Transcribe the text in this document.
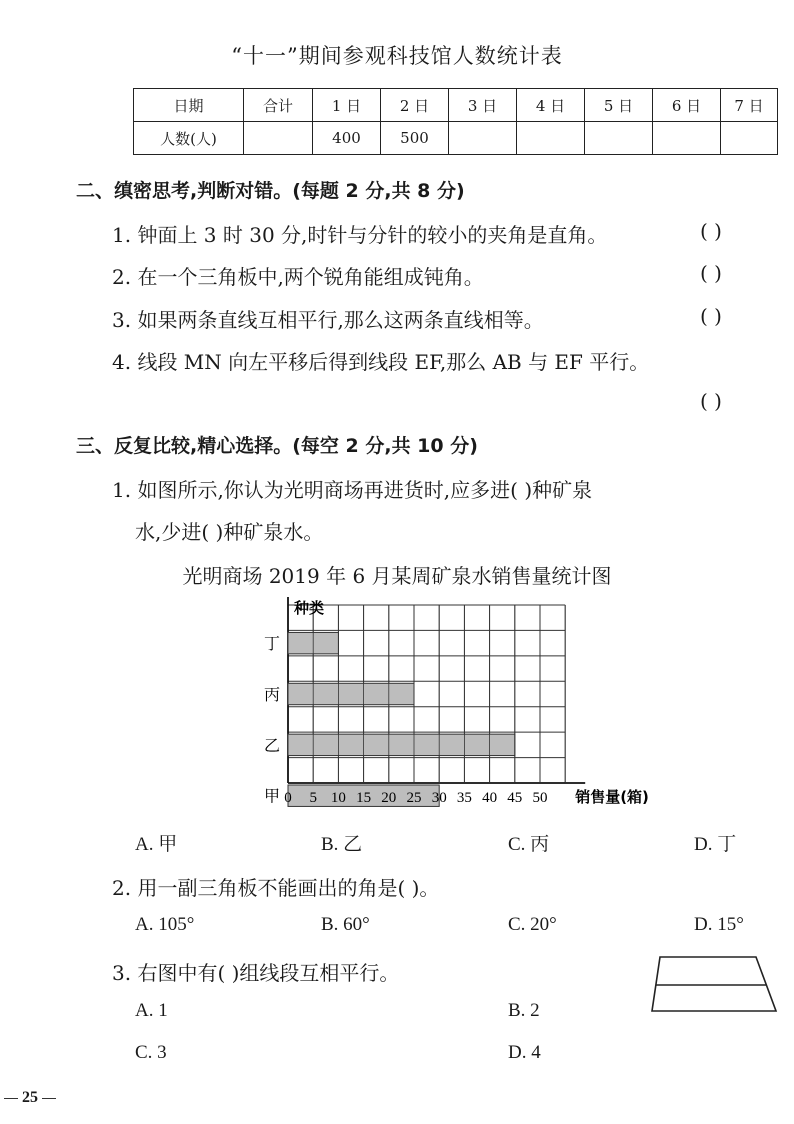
“十一”期间参观科技馆人数统计表
日期	合计	1 日	2 日	3 日	4 日	5 日	6 日	7 日
人数(人)		400	500					
二、缜密思考,判断对错。(每题 2 分,共 8 分)
1. 钟面上 3 时 30 分,时针与分针的较小的夹角是直角。	( )
2. 在一个三角板中,两个锐角能组成钝角。	( )
3. 如果两条直线互相平行,那么这两条直线相等。	( )
4. 线段 MN 向左平移后得到线段 EF,那么 AB 与 EF 平行。
( )
三、反复比较,精心选择。(每空 2 分,共 10 分)
1. 如图所示,你认为光明商场再进货时,应多进( )种矿泉
水,少进( )种矿泉水。
光明商场 2019 年 6 月某周矿泉水销售量统计图
丁
丙
乙
甲 0 5 10 15 20 25 30 35 40 45 50
种类
销售量(箱)
A. 甲	B. 乙	C. 丙	D. 丁
2. 用一副三角板不能画出的角是( )。
A. 105°	B. 60°	C. 20°	D. 15°
3. 右图中有( )组线段互相平行。
A. 1	B. 2
C. 3	D. 4
25
